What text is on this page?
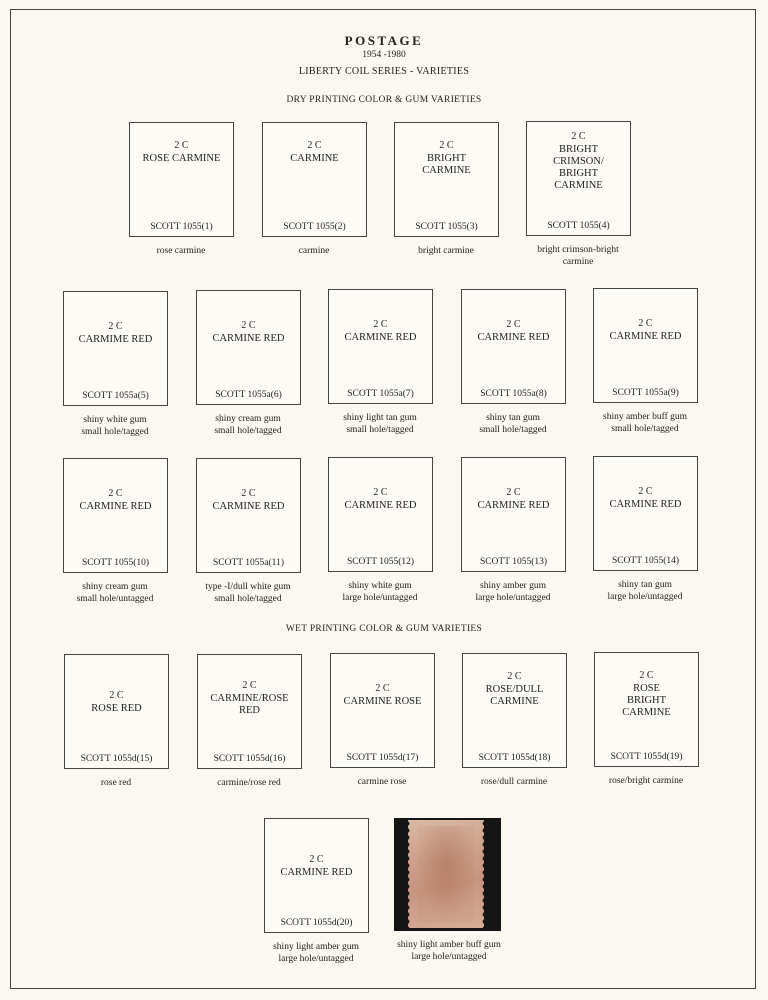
POSTAGE
1954 -1980
LIBERTY COIL SERIES - VARIETIES
DRY PRINTING COLOR & GUM VARIETIES
WET PRINTING COLOR & GUM VARIETIES
2 C
ROSE CARMINE
SCOTT 1055(1)
rose carmine
2 C
CARMINE
SCOTT 1055(2)
carmine
2 C
BRIGHT
CARMINE
SCOTT 1055(3)
bright carmine
2 C
BRIGHT
CRIMSON/
BRIGHT
CARMINE
SCOTT 1055(4)
bright crimson-bright
carmine
2 C
CARMIME RED
SCOTT 1055a(5)
shiny white gum
small hole/tagged
2 C
CARMINE RED
SCOTT 1055a(6)
shiny cream gum
small hole/tagged
2 C
CARMINE RED
SCOTT 1055a(7)
shiny light tan gum
small hole/tagged
2 C
CARMINE RED
SCOTT 1055a(8)
shiny tan gum
small hole/tagged
2 C
CARMINE RED
SCOTT 1055a(9)
shiny amber buff gum
small hole/tagged
2 C
CARMINE RED
SCOTT 1055(10)
shiny cream gum
small hole/untagged
2 C
CARMINE RED
SCOTT 1055a(11)
type -I/dull white gum
small hole/tagged
2 C
CARMINE RED
SCOTT 1055(12)
shiny white gum
large hole/untagged
2 C
CARMINE RED
SCOTT 1055(13)
shiny amber gum
large hole/untagged
2 C
CARMINE RED
SCOTT 1055(14)
shiny tan gum
large hole/untagged
2 C
ROSE RED
SCOTT 1055d(15)
rose red
2 C
CARMINE/ROSE
RED
SCOTT 1055d(16)
carmine/rose red
2 C
CARMINE ROSE
SCOTT 1055d(17)
carmine rose
2 C
ROSE/DULL
CARMINE
SCOTT 1055d(18)
rose/dull carmine
2 C
ROSE
BRIGHT
CARMINE
SCOTT 1055d(19)
rose/bright carmine
2 C
CARMINE RED
SCOTT 1055d(20)
shiny light amber gum
large hole/untagged
shiny light amber buff gum
large hole/untagged
